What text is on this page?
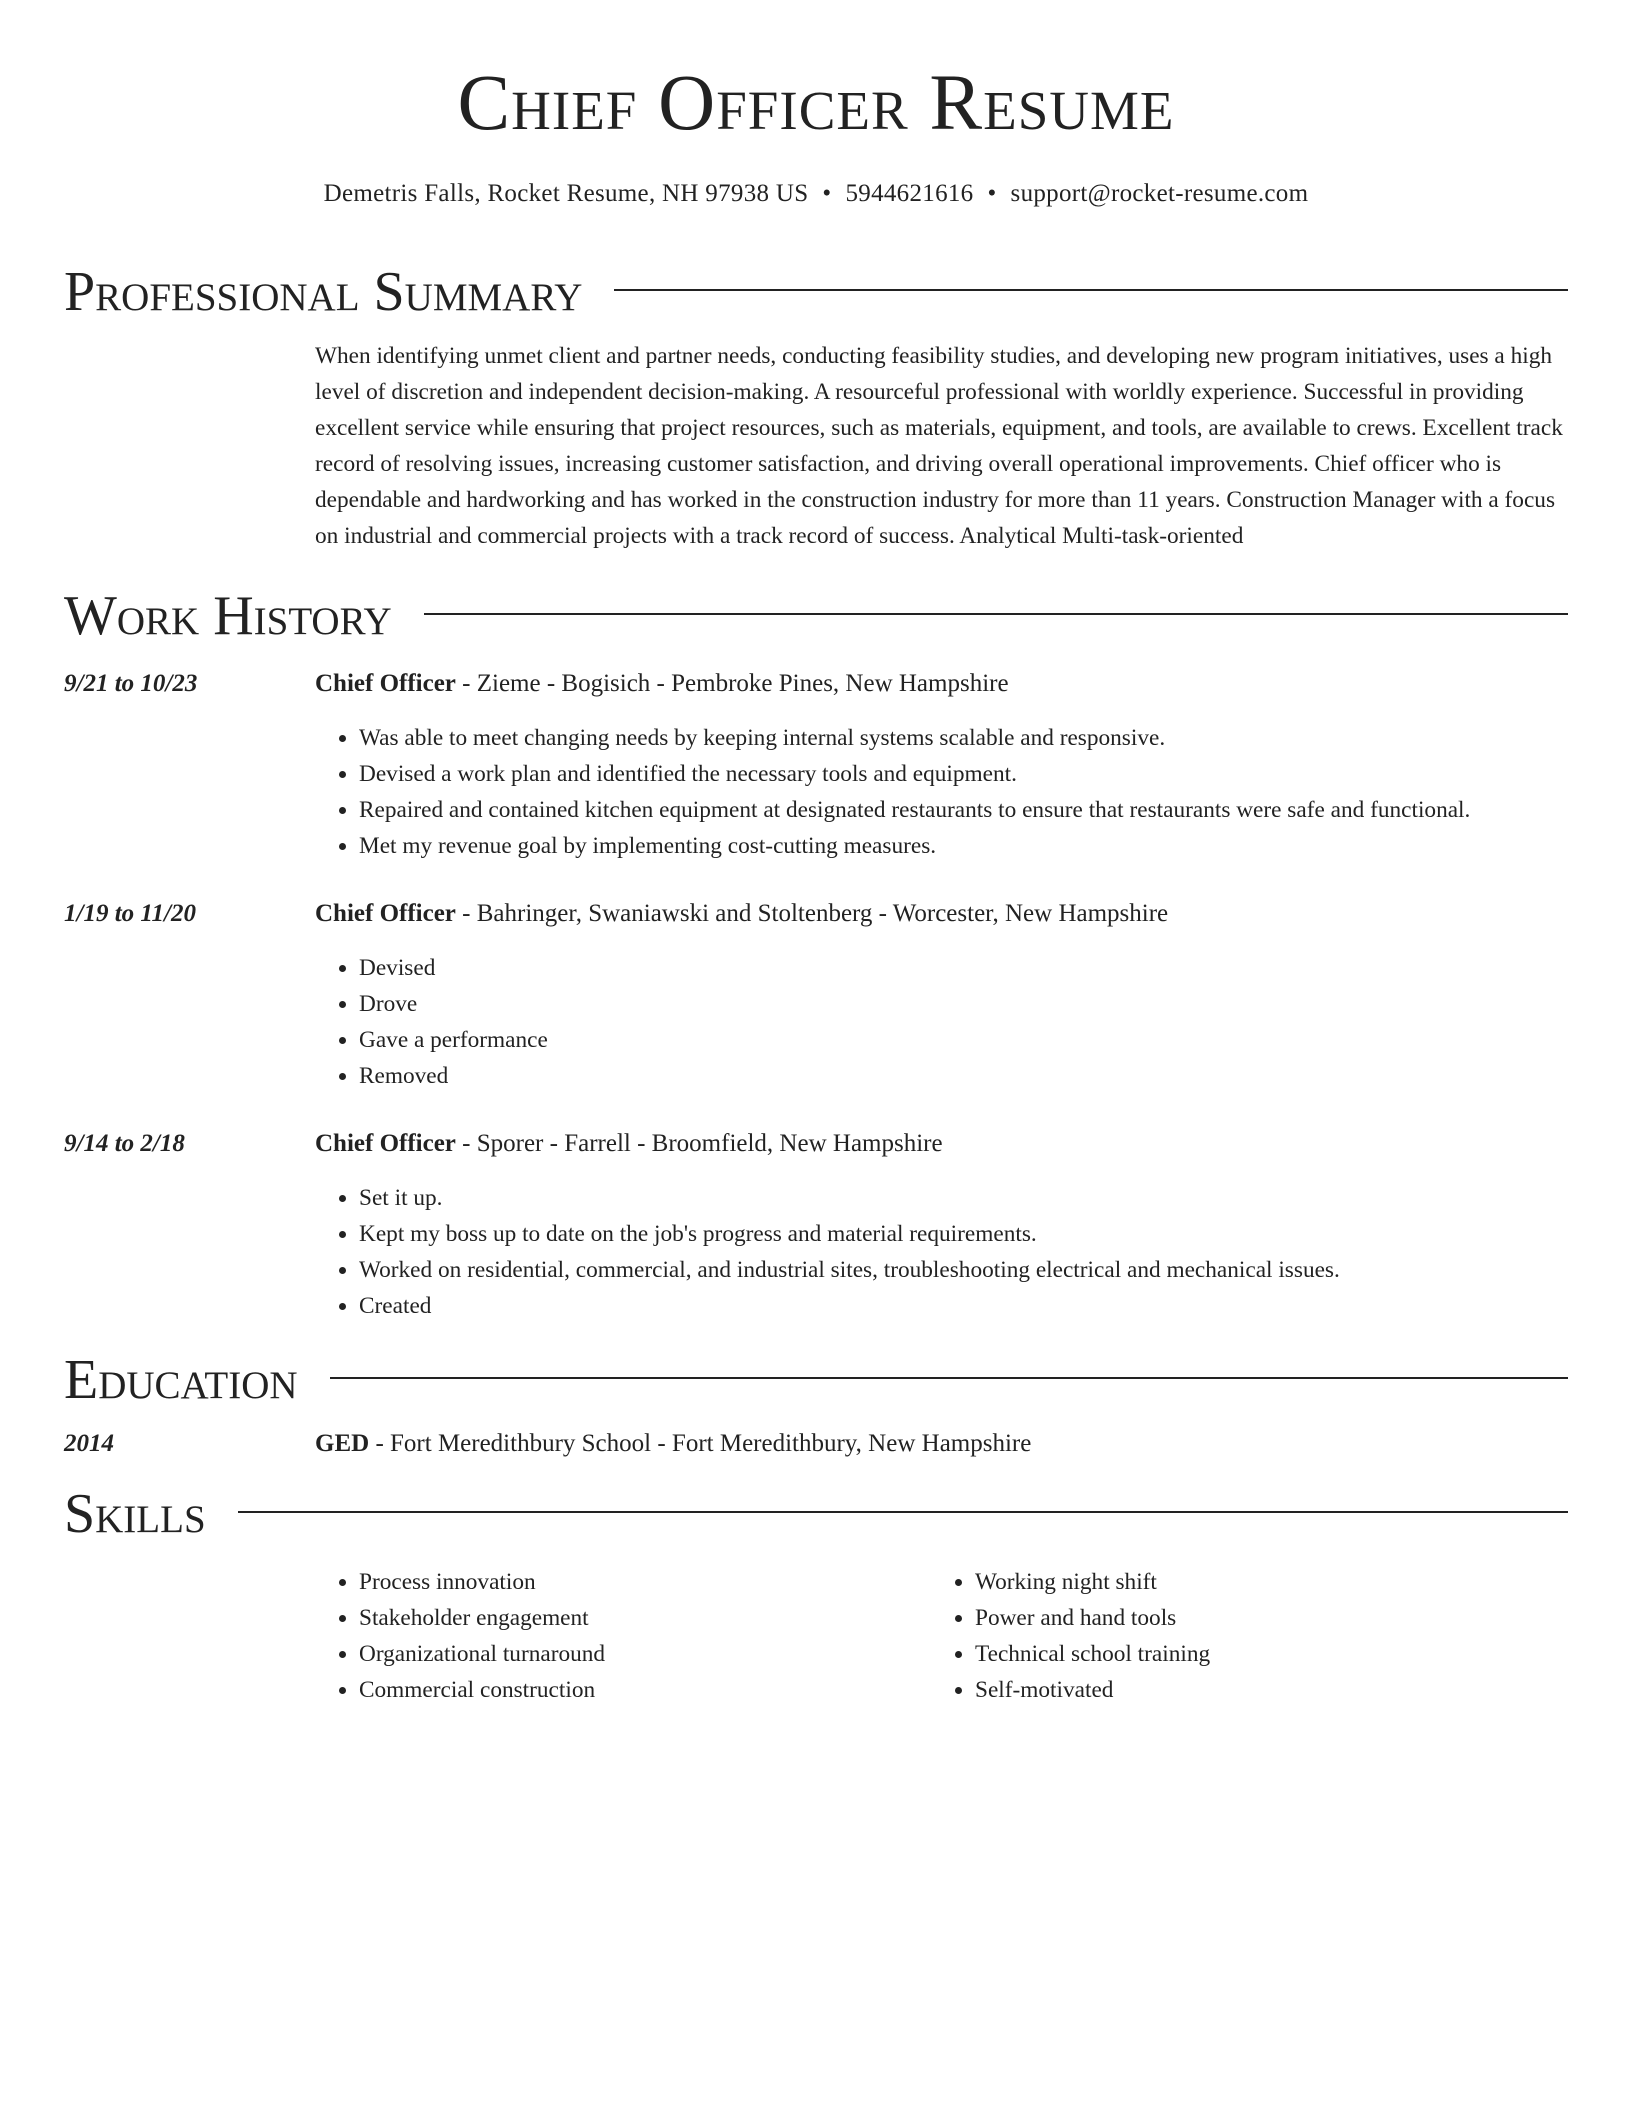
Chief Officer Resume
Demetris Falls, Rocket Resume, NH 97938 US • 5944621616 • support@rocket-resume.com
Professional Summary
When identifying unmet client and partner needs, conducting feasibility studies, and developing new program initiatives, uses a high level of discretion and independent decision-making. A resourceful professional with worldly experience. Successful in providing excellent service while ensuring that project resources, such as materials, equipment, and tools, are available to crews. Excellent track record of resolving issues, increasing customer satisfaction, and driving overall operational improvements. Chief officer who is dependable and hardworking and has worked in the construction industry for more than 11 years. Construction Manager with a focus on industrial and commercial projects with a track record of success. Analytical Multi-task-oriented
Work History
9/21 to 10/23	Chief Officer - Zieme - Bogisich - Pembroke Pines, New Hampshire
• Was able to meet changing needs by keeping internal systems scalable and responsive.
• Devised a work plan and identified the necessary tools and equipment.
• Repaired and contained kitchen equipment at designated restaurants to ensure that restaurants were safe and functional.
• Met my revenue goal by implementing cost-cutting measures.
1/19 to 11/20	Chief Officer - Bahringer, Swaniawski and Stoltenberg - Worcester, New Hampshire
• Devised
• Drove
• Gave a performance
• Removed
9/14 to 2/18	Chief Officer - Sporer - Farrell - Broomfield, New Hampshire
• Set it up.
• Kept my boss up to date on the job's progress and material requirements.
• Worked on residential, commercial, and industrial sites, troubleshooting electrical and mechanical issues.
• Created
Education
2014	GED - Fort Meredithbury School - Fort Meredithbury, New Hampshire
Skills
• Process innovation
• Stakeholder engagement
• Organizational turnaround
• Commercial construction
• Working night shift
• Power and hand tools
• Technical school training
• Self-motivated
